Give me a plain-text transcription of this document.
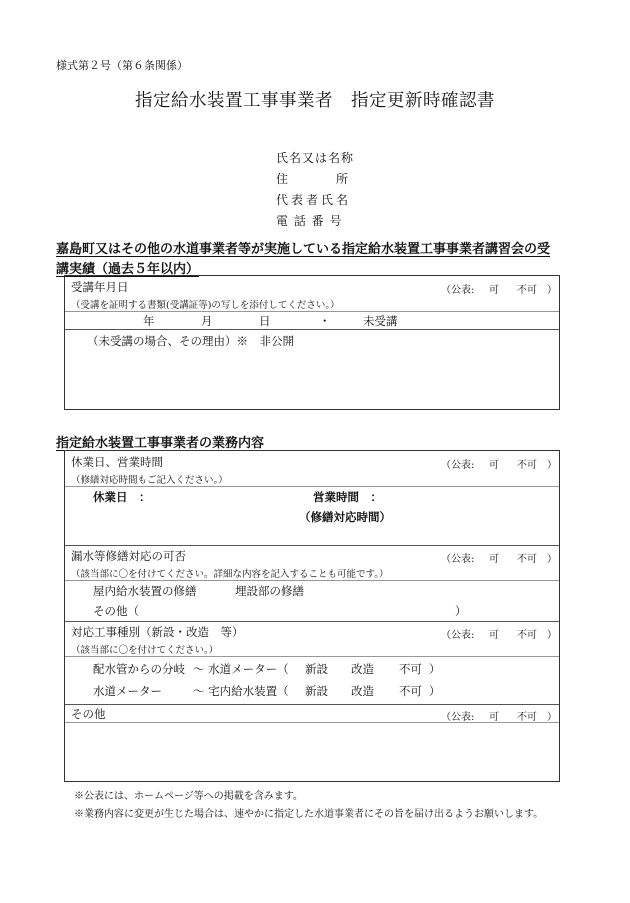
様式第２号（第６条関係）
指定給水装置工事事業者　指定更新時確認書
氏名又は名称
住	所
代表者氏名
電 話 番 号
嘉島町又はその他の水道事業者等が実施している指定給水装置工事事業者講習会の受
講実績（過去５年以内）
受講年月日	（公表: 可 不可 ）
（受講を証明する書類(受講証等)の写しを添付してください。）
年	月	日	・	未受講
（未受講の場合、その理由）※　非公開
指定給水装置工事事業者の業務内容
休業日、営業時間	（公表: 可 不可 ）
（修繕対応時間もご記入ください。）
休業日　：	営業時間　：
（修繕対応時間）
漏水等修繕対応の可否	（公表: 可 不可 ）
（該当部に〇を付けてください。詳細な内容を記入することも可能です。）
屋内給水装置の修繕	埋設部の修繕
その他（	）
対応工事種別（新設・改造　等）	（公表: 可 不可 ）
（該当部に〇を付けてください。）
配水管からの分岐 ～ 水道メーター（ 新設 改造 不可 ）
水道メーター	～ 宅内給水装置（ 新設 改造 不可 ）
その他	（公表: 可 不可 ）
※公表には、ホームページ等への掲載を含みます。
※業務内容に変更が生じた場合は、速やかに指定した水道事業者にその旨を届け出るようお願いします。
